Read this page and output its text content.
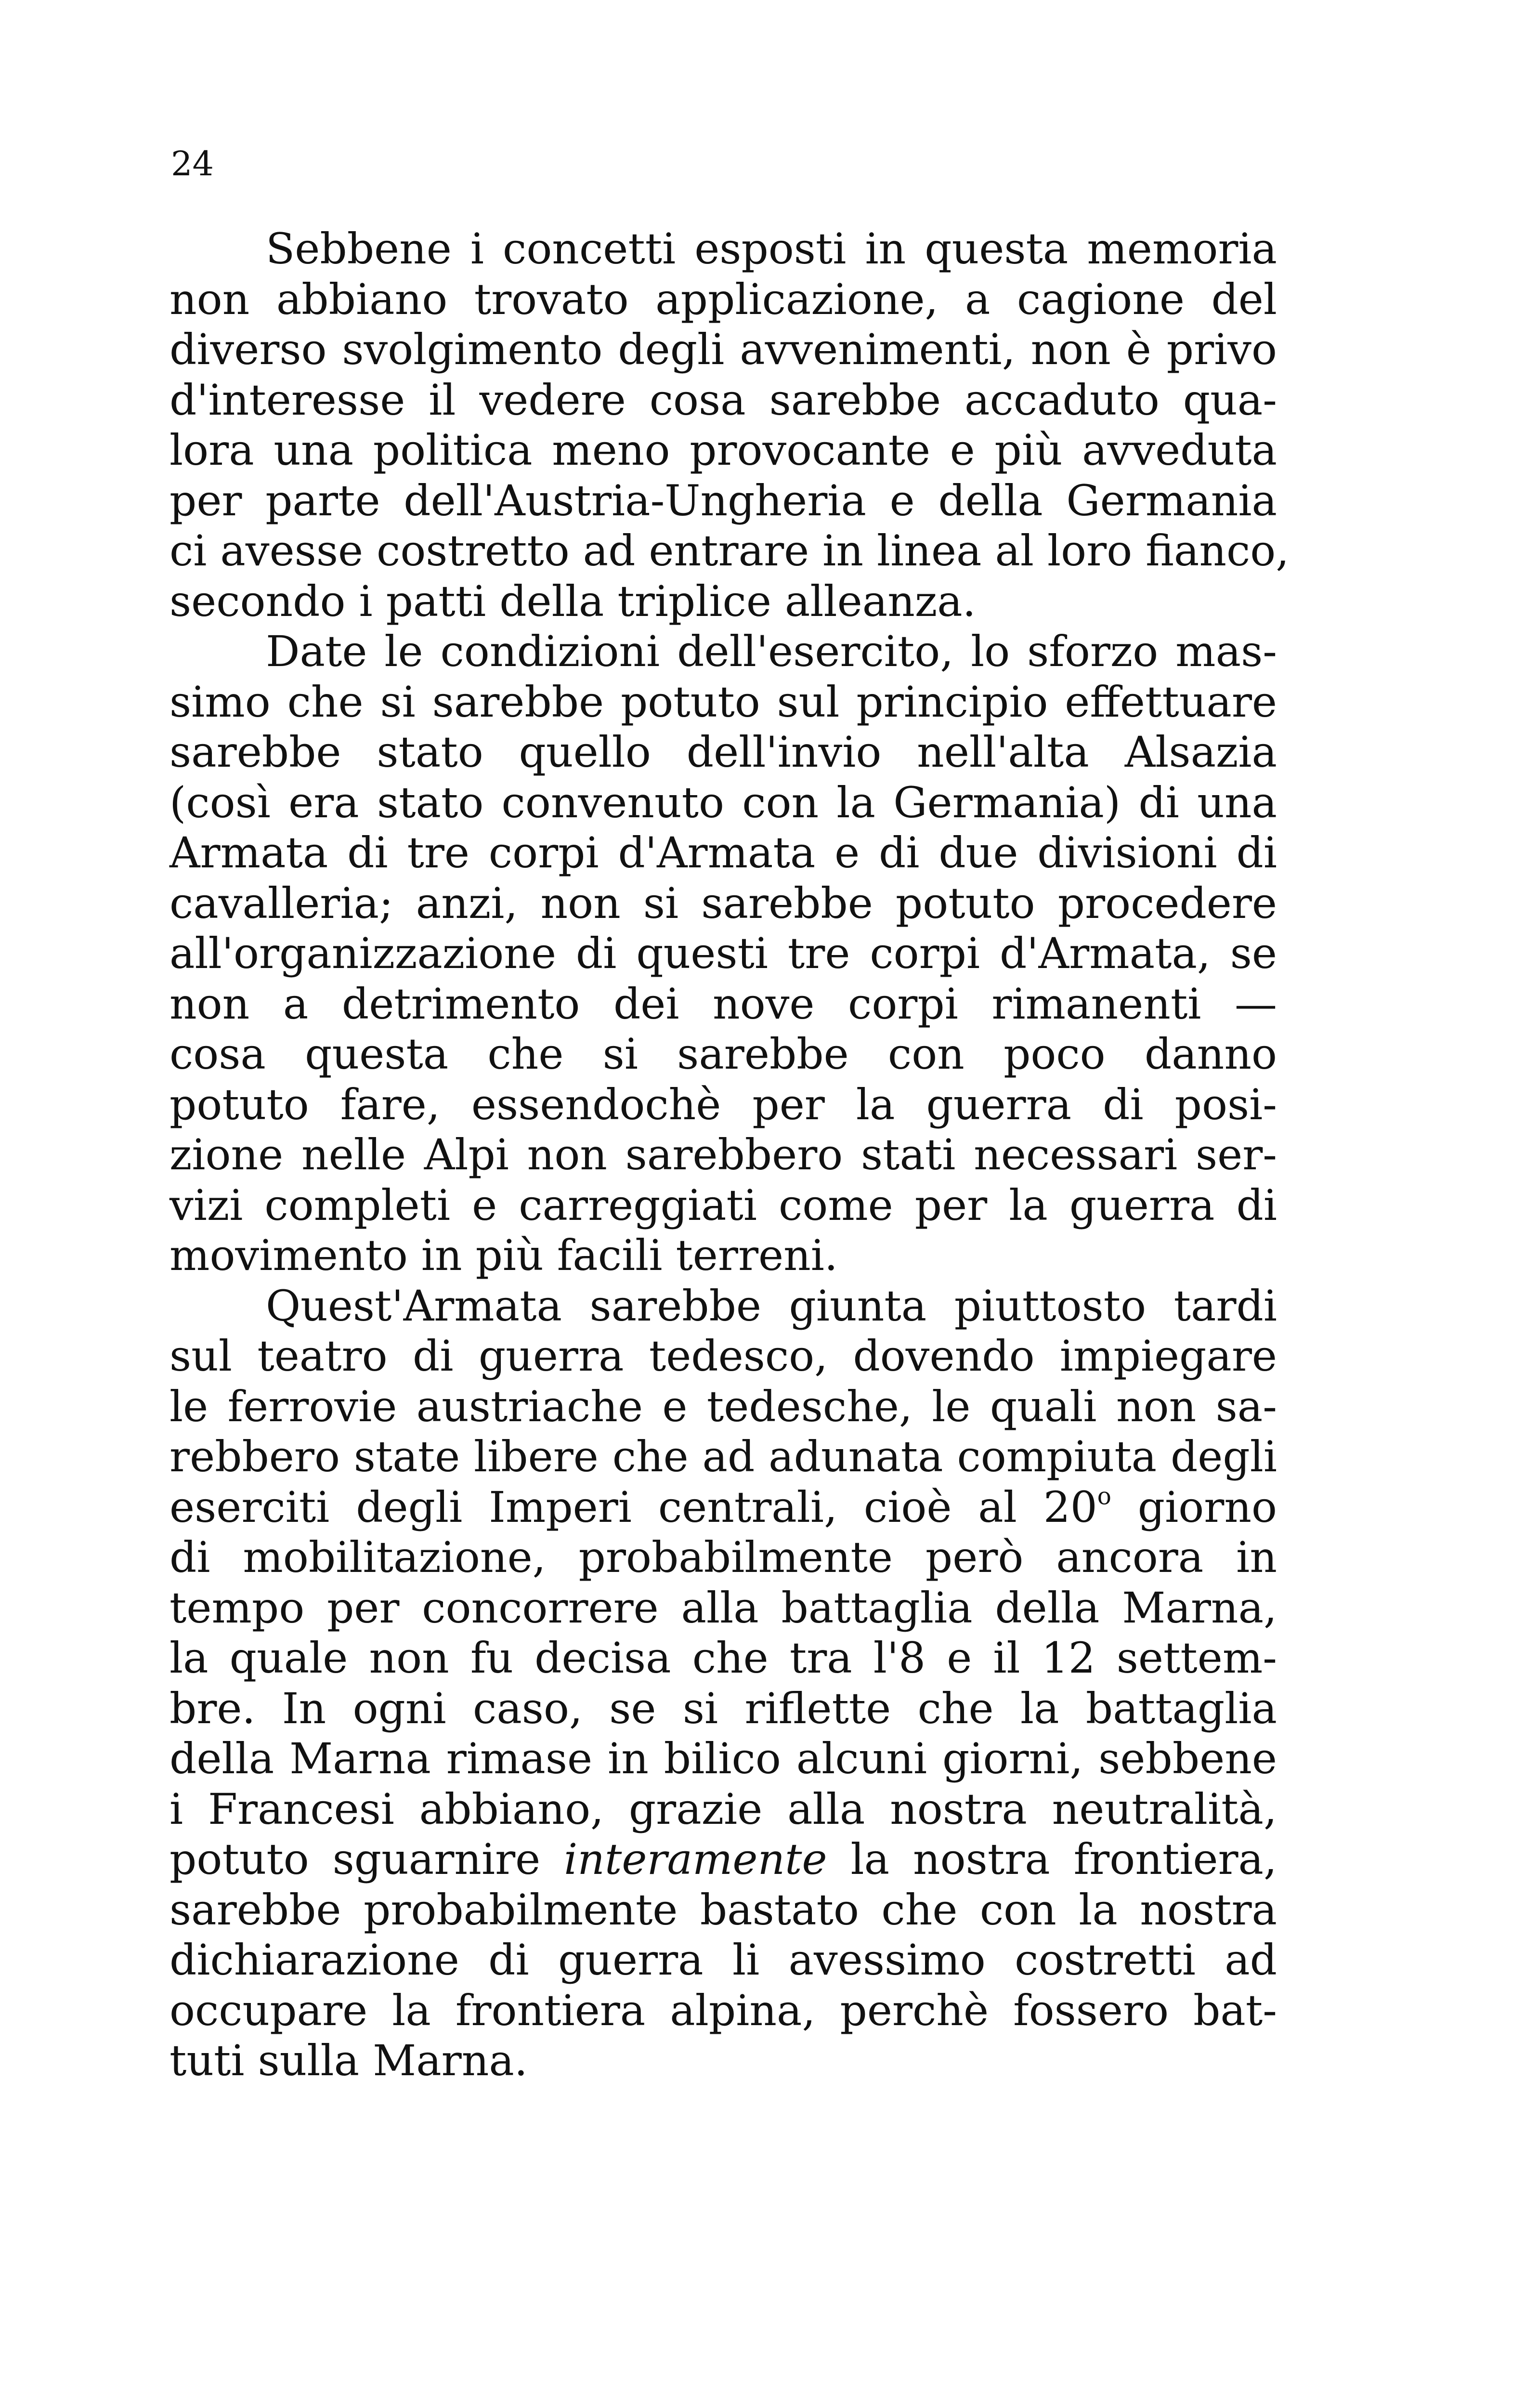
24
Sebbene i concetti esposti in questa memoria
non abbiano trovato applicazione, a cagione del
diverso svolgimento degli avvenimenti, non è privo
d'interesse il vedere cosa sarebbe accaduto qua-
lora una politica meno provocante e più avveduta
per parte dell'Austria-Ungheria e della Germania
ci avesse costretto ad entrare in linea al loro fianco,
secondo i patti della triplice alleanza.
Date le condizioni dell'esercito, lo sforzo mas-
simo che si sarebbe potuto sul principio effettuare
sarebbe stato quello dell'invio nell'alta Alsazia
(così era stato convenuto con la Germania) di una
Armata di tre corpi d'Armata e di due divisioni di
cavalleria; anzi, non si sarebbe potuto procedere
all'organizzazione di questi tre corpi d'Armata, se
non a detrimento dei nove corpi rimanenti —
cosa questa che si sarebbe con poco danno
potuto fare, essendochè per la guerra di posi-
zione nelle Alpi non sarebbero stati necessari ser-
vizi completi e carreggiati come per la guerra di
movimento in più facili terreni.
Quest'Armata sarebbe giunta piuttosto tardi
sul teatro di guerra tedesco, dovendo impiegare
le ferrovie austriache e tedesche, le quali non sa-
rebbero state libere che ad adunata compiuta degli
eserciti degli Imperi centrali, cioè al 20$^o$ giorno
di mobilitazione, probabilmente però ancora in
tempo per concorrere alla battaglia della Marna,
la quale non fu decisa che tra l'8 e il 12 settem-
bre. In ogni caso, se si riflette che la battaglia
della Marna rimase in bilico alcuni giorni, sebbene
i Francesi abbiano, grazie alla nostra neutralità,
potuto sguarnire interamente la nostra frontiera,
sarebbe probabilmente bastato che con la nostra
dichiarazione di guerra li avessimo costretti ad
occupare la frontiera alpina, perchè fossero bat-
tuti sulla Marna.
